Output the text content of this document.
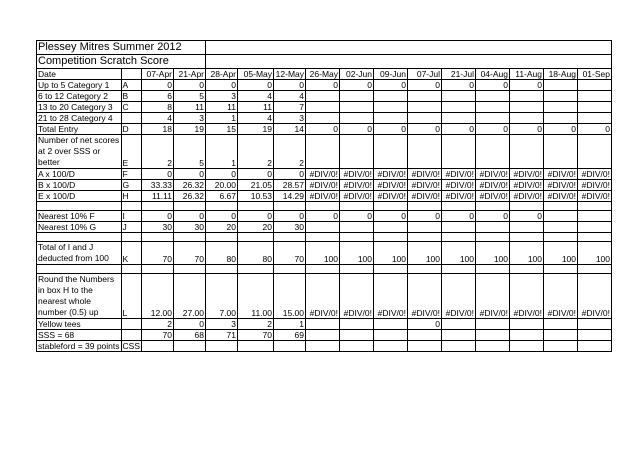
Plessey Mitres Summer 2012															
Competition Scratch Score															
Date		07-Apr	21-Apr	28-Apr	05-May	12-May	26-May	02-Jun	09-Jun	07-Jul	21-Jul	04-Aug	11-Aug	18-Aug	01-Sep
Up to 5 Category 1	A	0	0	0	0	0	0	0	0	0	0	0	0		
6 to 12 Category 2	B	6	5	3	4	4									
13 to 20 Category 3	C	8	11	11	11	7									
21 to 28 Category 4		4	3	1	4	3									
Total Entry	D	18	19	15	19	14	0	0	0	0	0	0	0	0	0

Number of net scores
at 2 over SSS or
better	E	2	5	1	2	2									
A x 100/D	F	0	0	0	0	0	#DIV/0!	#DIV/0!	#DIV/0!	#DIV/0!	#DIV/0!	#DIV/0!	#DIV/0!	#DIV/0!	#DIV/0!
B x 100/D	G	33.33	26.32	20.00	21.05	28.57	#DIV/0!	#DIV/0!	#DIV/0!	#DIV/0!	#DIV/0!	#DIV/0!	#DIV/0!	#DIV/0!	#DIV/0!
E x 100/D	H	11.11	26.32	6.67	10.53	14.29	#DIV/0!	#DIV/0!	#DIV/0!	#DIV/0!	#DIV/0!	#DIV/0!	#DIV/0!	#DIV/0!	#DIV/0!

Nearest 10% F	I	0	0	0	0	0	0	0	0	0	0	0	0		
Nearest 10% G	J	30	30	20	20	30									

Total of I and J
deducted from 100	K	70	70	80	80	70	100	100	100	100	100	100	100	100	100

Round the Numbers
in box H to the
nearest whole
number (0.5) up	L	12.00	27.00	7.00	11.00	15.00	#DIV/0!	#DIV/0!	#DIV/0!	#DIV/0!	#DIV/0!	#DIV/0!	#DIV/0!	#DIV/0!	#DIV/0!
Yellow tees		2	0	3	2	1				0					
SSS = 68		70	68	71	70	69									
stableford = 39 points	CSS														
